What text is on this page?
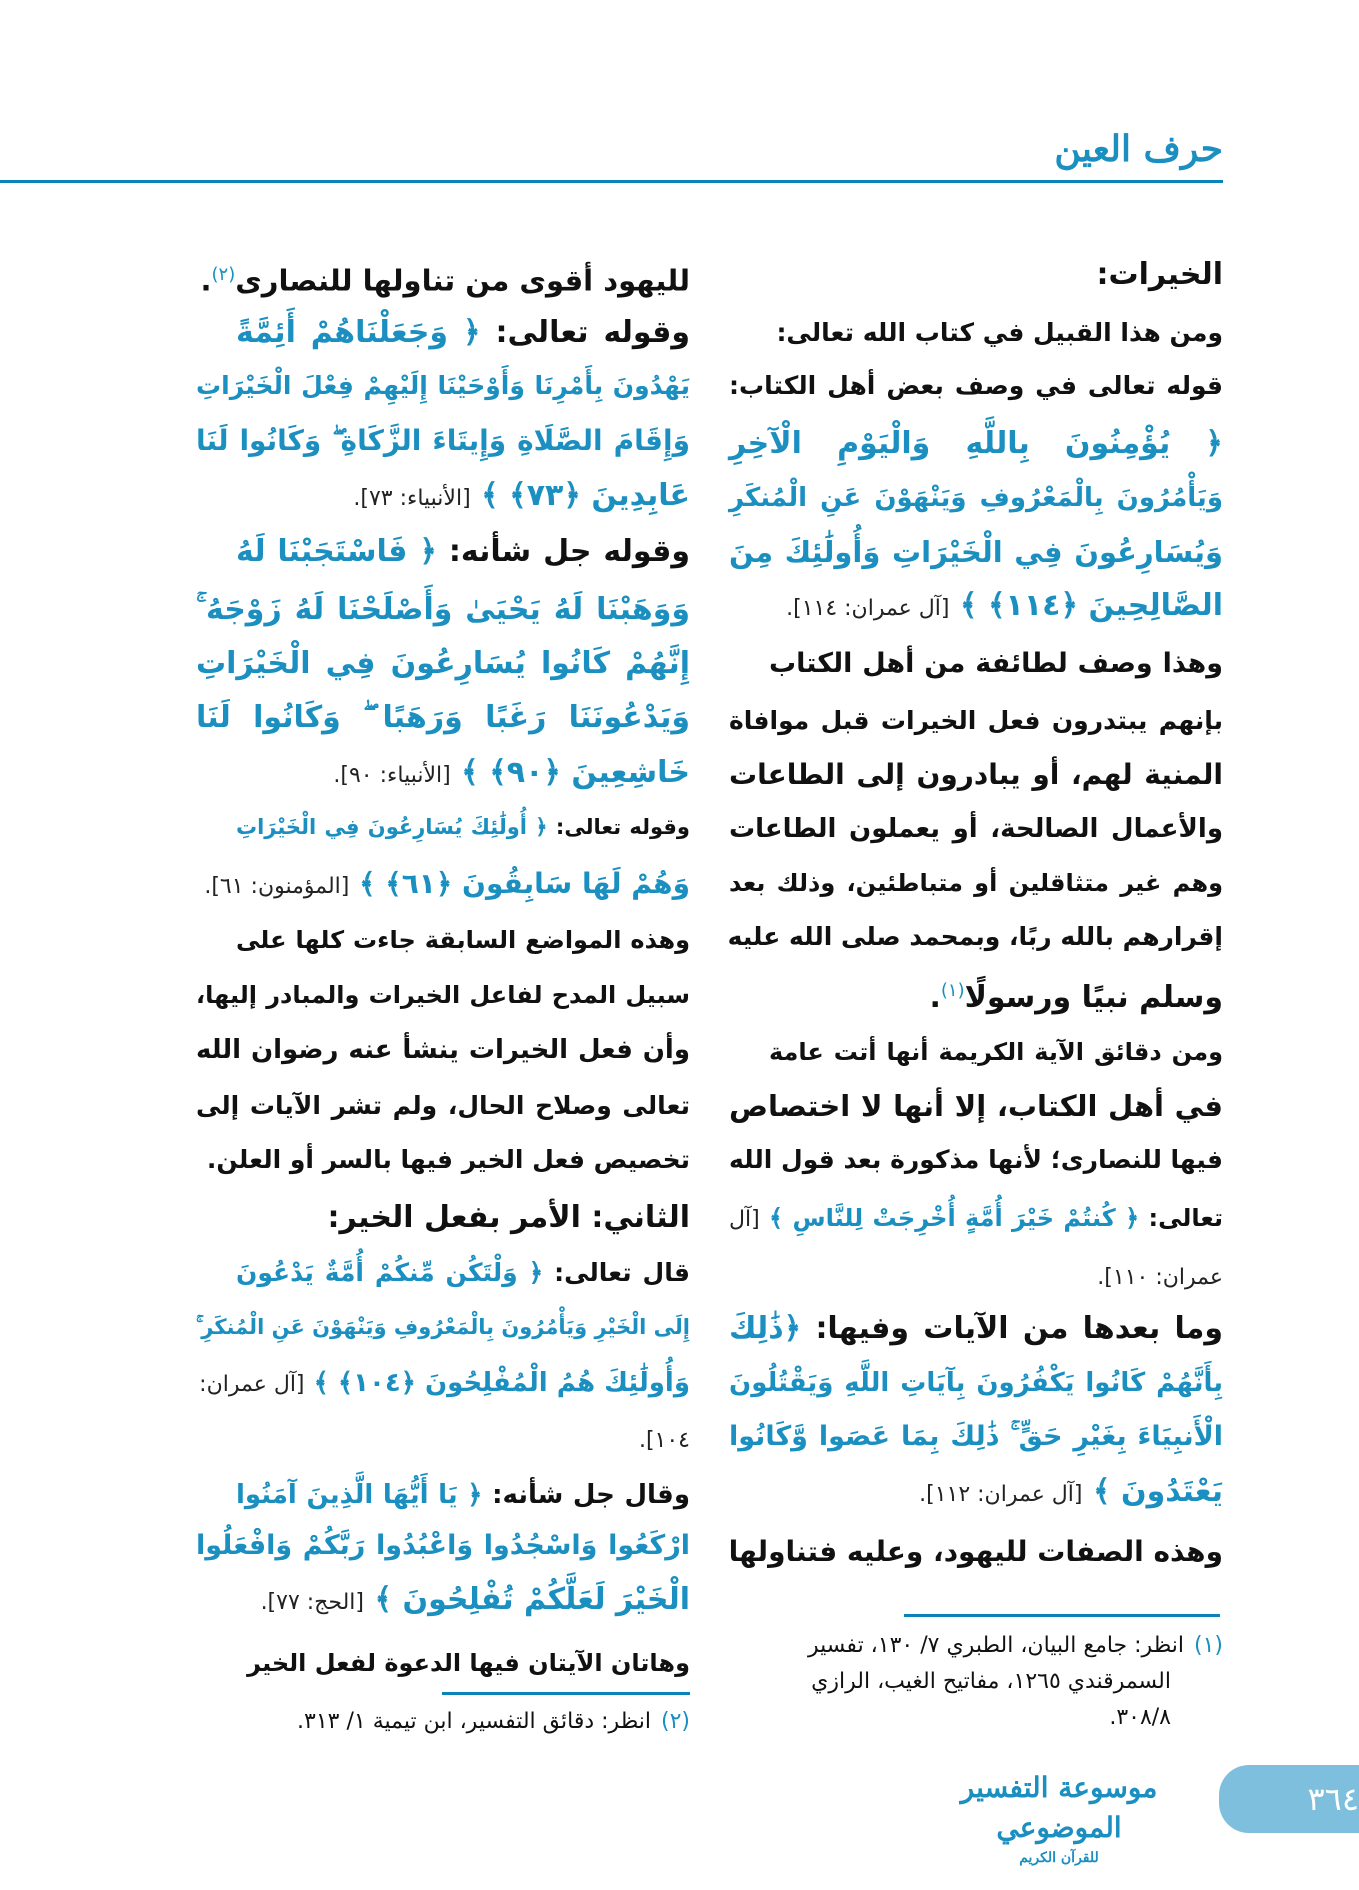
حرف العين
الخيرات:
ومن هذا القبيل في كتاب الله تعالى:
قوله تعالى في وصف بعض أهل الكتاب:
﴿ يُؤْمِنُونَ بِاللَّهِ وَالْيَوْمِ الْآخِرِ
وَيَأْمُرُونَ بِالْمَعْرُوفِ وَيَنْهَوْنَ عَنِ الْمُنكَرِ
وَيُسَارِعُونَ فِي الْخَيْرَاتِ وَأُولَٰئِكَ مِنَ
الصَّالِحِينَ ﴿١١٤﴾ ﴾ [آل عمران: ١١٤].
وهذا وصف لطائفة من أهل الكتاب
بإنهم يبتدرون فعل الخيرات قبل موافاة
المنية لهم، أو يبادرون إلى الطاعات
والأعمال الصالحة، أو يعملون الطاعات
وهم غير متثاقلين أو متباطئين، وذلك بعد
إقرارهم بالله ربًا، وبمحمد صلى الله عليه
وسلم نبيًا ورسولًا$^{(١)}$.
ومن دقائق الآية الكريمة أنها أتت عامة
في أهل الكتاب، إلا أنها لا اختصاص
فيها للنصارى؛ لأنها مذكورة بعد قول الله
تعالى: ﴿ كُنتُمْ خَيْرَ أُمَّةٍ أُخْرِجَتْ لِلنَّاسِ ﴾ [آل
عمران: ١١٠].
وما بعدها من الآيات وفيها: ﴿ذَٰلِكَ
بِأَنَّهُمْ كَانُوا يَكْفُرُونَ بِآيَاتِ اللَّهِ وَيَقْتُلُونَ
الْأَنبِيَاءَ بِغَيْرِ حَقٍّ ۚ ذَٰلِكَ بِمَا عَصَوا وَّكَانُوا
يَعْتَدُونَ ﴾ [آل عمران: ١١٢].
وهذه الصفات لليهود، وعليه فتناولها
لليهود أقوى من تناولها للنصارى$^{(٢)}$.
وقوله تعالى: ﴿ وَجَعَلْنَاهُمْ أَئِمَّةً
يَهْدُونَ بِأَمْرِنَا وَأَوْحَيْنَا إِلَيْهِمْ فِعْلَ الْخَيْرَاتِ
وَإِقَامَ الصَّلَاةِ وَإِيتَاءَ الزَّكَاةِ ۖ وَكَانُوا لَنَا
عَابِدِينَ ﴿٧٣﴾ ﴾ [الأنبياء: ٧٣].
وقوله جل شأنه: ﴿ فَاسْتَجَبْنَا لَهُ
وَوَهَبْنَا لَهُ يَحْيَىٰ وَأَصْلَحْنَا لَهُ زَوْجَهُ ۚ
إِنَّهُمْ كَانُوا يُسَارِعُونَ فِي الْخَيْرَاتِ
وَيَدْعُونَنَا رَغَبًا وَرَهَبًا ۖ وَكَانُوا لَنَا
خَاشِعِينَ ﴿٩٠﴾ ﴾ [الأنبياء: ٩٠].
وقوله تعالى: ﴿ أُولَٰئِكَ يُسَارِعُونَ فِي الْخَيْرَاتِ
وَهُمْ لَهَا سَابِقُونَ ﴿٦١﴾ ﴾ [المؤمنون: ٦١].
وهذه المواضع السابقة جاءت كلها على
سبيل المدح لفاعل الخيرات والمبادر إليها،
وأن فعل الخيرات ينشأ عنه رضوان الله
تعالى وصلاح الحال، ولم تشر الآيات إلى
تخصيص فعل الخير فيها بالسر أو العلن.
الثاني: الأمر بفعل الخير:
قال تعالى: ﴿ وَلْتَكُن مِّنكُمْ أُمَّةٌ يَدْعُونَ
إِلَى الْخَيْرِ وَيَأْمُرُونَ بِالْمَعْرُوفِ وَيَنْهَوْنَ عَنِ الْمُنكَرِ ۚ
وَأُولَٰئِكَ هُمُ الْمُفْلِحُونَ ﴿١٠٤﴾ ﴾ [آل عمران:
١٠٤].
وقال جل شأنه: ﴿ يَا أَيُّهَا الَّذِينَ آمَنُوا
ارْكَعُوا وَاسْجُدُوا وَاعْبُدُوا رَبَّكُمْ وَافْعَلُوا
الْخَيْرَ لَعَلَّكُمْ تُفْلِحُونَ ﴾ [الحج: ٧٧].
وهاتان الآيتان فيها الدعوة لفعل الخير
(١)انظر: جامع البيان، الطبري ٧/ ١٣٠، تفسير
السمرقندي ١٢٦٥، مفاتيح الغيب، الرازي
٣٠٨/٨.
(٢)انظر: دقائق التفسير، ابن تيمية ١/ ٣١٣.
موسوعة التفسير الموضوعي
للقرآن الكريم
٣٦٤
